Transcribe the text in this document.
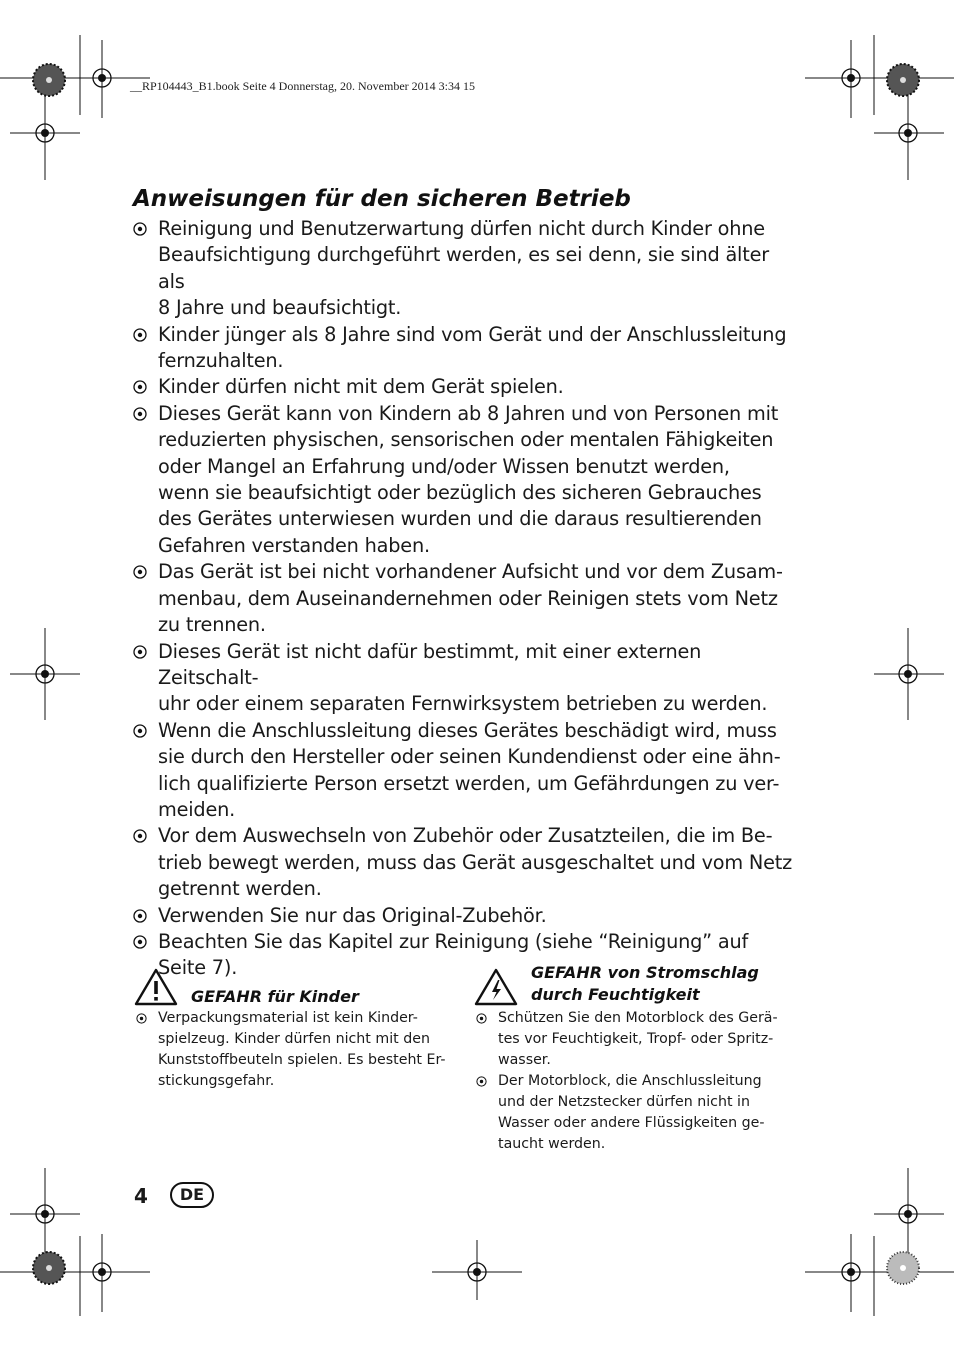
__RP104443_B1.book Seite 4 Donnerstag, 20. November 2014 3:34 15
Anweisungen für den sicheren Betrieb
Reinigung und Benutzerwartung dürfen nicht durch Kinder ohne
Beaufsichtigung durchgeführt werden, es sei denn, sie sind älter als
8 Jahre und beaufsichtigt.
Kinder jünger als 8 Jahre sind vom Gerät und der Anschlussleitung
fernzuhalten.
Kinder dürfen nicht mit dem Gerät spielen.
Dieses Gerät kann von Kindern ab 8 Jahren und von Personen mit
reduzierten physischen, sensorischen oder mentalen Fähigkeiten
oder Mangel an Erfahrung und/oder Wissen benutzt werden,
wenn sie beaufsichtigt oder bezüglich des sicheren Gebrauches
des Gerätes unterwiesen wurden und die daraus resultierenden
Gefahren verstanden haben.
Das Gerät ist bei nicht vorhandener Aufsicht und vor dem Zusam-
menbau, dem Auseinandernehmen oder Reinigen stets vom Netz
zu trennen.
Dieses Gerät ist nicht dafür bestimmt, mit einer externen Zeitschalt-
uhr oder einem separaten Fernwirksystem betrieben zu werden.
Wenn die Anschlussleitung dieses Gerätes beschädigt wird, muss
sie durch den Hersteller oder seinen Kundendienst oder eine ähn-
lich qualifizierte Person ersetzt werden, um Gefährdungen zu ver-
meiden.
Vor dem Auswechseln von Zubehör oder Zusatzteilen, die im Be-
trieb bewegt werden, muss das Gerät ausgeschaltet und vom Netz
getrennt werden.
Verwenden Sie nur das Original-Zubehör.
Beachten Sie das Kapitel zur Reinigung (siehe “Reinigung” auf
Seite 7).
GEFAHR für Kinder
Verpackungsmaterial ist kein Kinder-
spielzeug. Kinder dürfen nicht mit den
Kunststoffbeuteln spielen. Es besteht Er-
stickungsgefahr.
GEFAHR von Stromschlag
durch Feuchtigkeit
Schützen Sie den Motorblock des Gerä-
tes vor Feuchtigkeit, Tropf- oder Spritz-
wasser.
Der Motorblock, die Anschlussleitung
und der Netzstecker dürfen nicht in
Wasser oder andere Flüssigkeiten ge-
taucht werden.
4	DE
